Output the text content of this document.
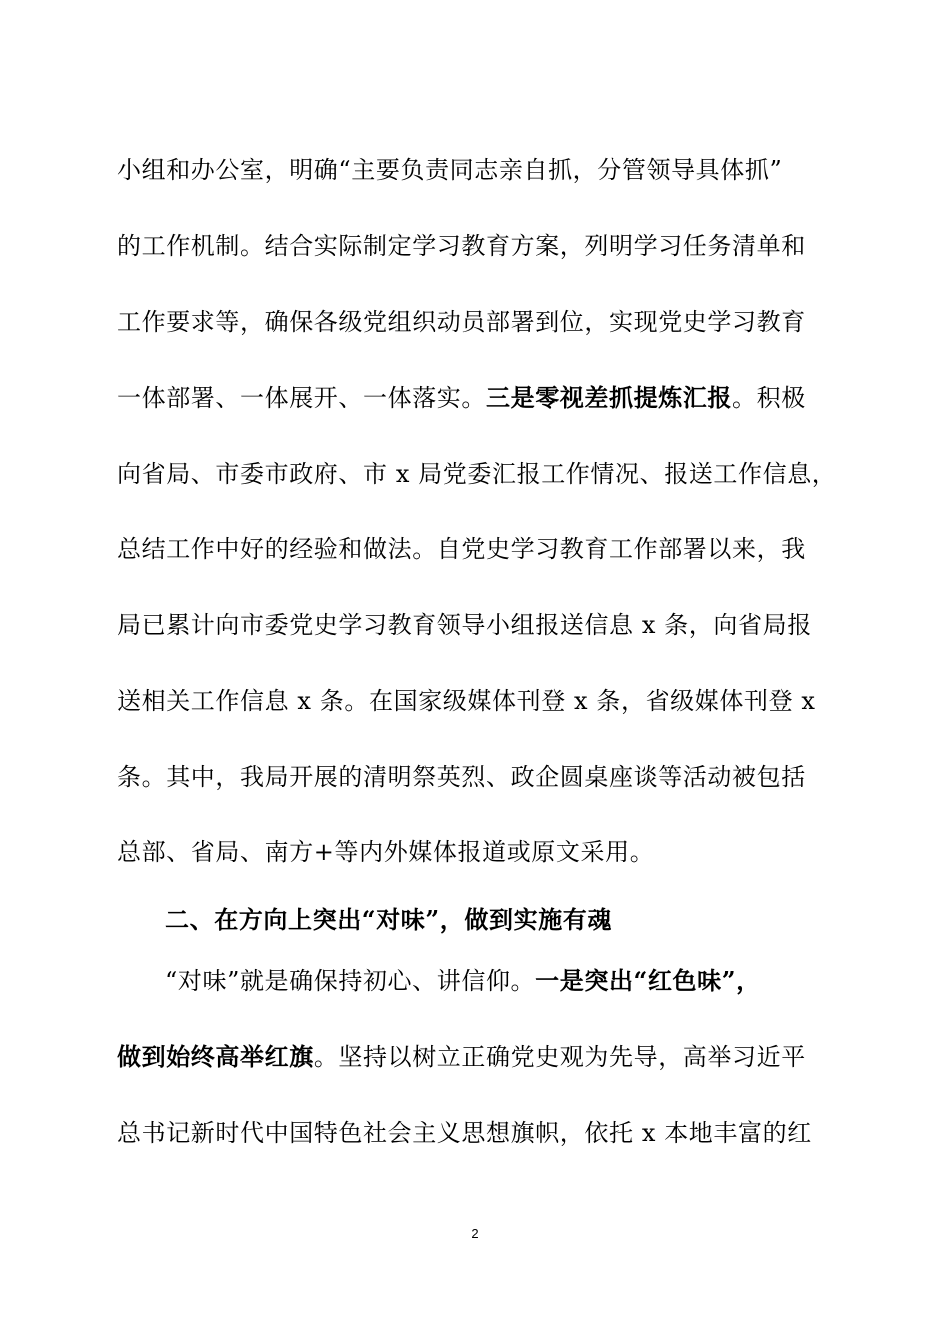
小组和办公室，明确“主要负责同志亲自抓，分管领导具体抓”
的工作机制。结合实际制定学习教育方案，列明学习任务清单和
工作要求等，确保各级党组织动员部署到位，实现党史学习教育
一体部署、一体展开、一体落实。三是零视差抓提炼汇报。积极
向省局、市委市政府、市 x 局党委汇报工作情况、报送工作信息，
总结工作中好的经验和做法。自党史学习教育工作部署以来，我
局已累计向市委党史学习教育领导小组报送信息 x 条，向省局报
送相关工作信息 x 条。在国家级媒体刊登 x 条，省级媒体刊登 x
条。其中，我局开展的清明祭英烈、政企圆桌座谈等活动被包括
总部、省局、南方+等内外媒体报道或原文采用。
二、在方向上突出“对味”，做到实施有魂
“对味”就是确保持初心、讲信仰。一是突出“红色味”，
做到始终高举红旗。坚持以树立正确党史观为先导，高举习近平
总书记新时代中国特色社会主义思想旗帜，依托 x 本地丰富的红
2
